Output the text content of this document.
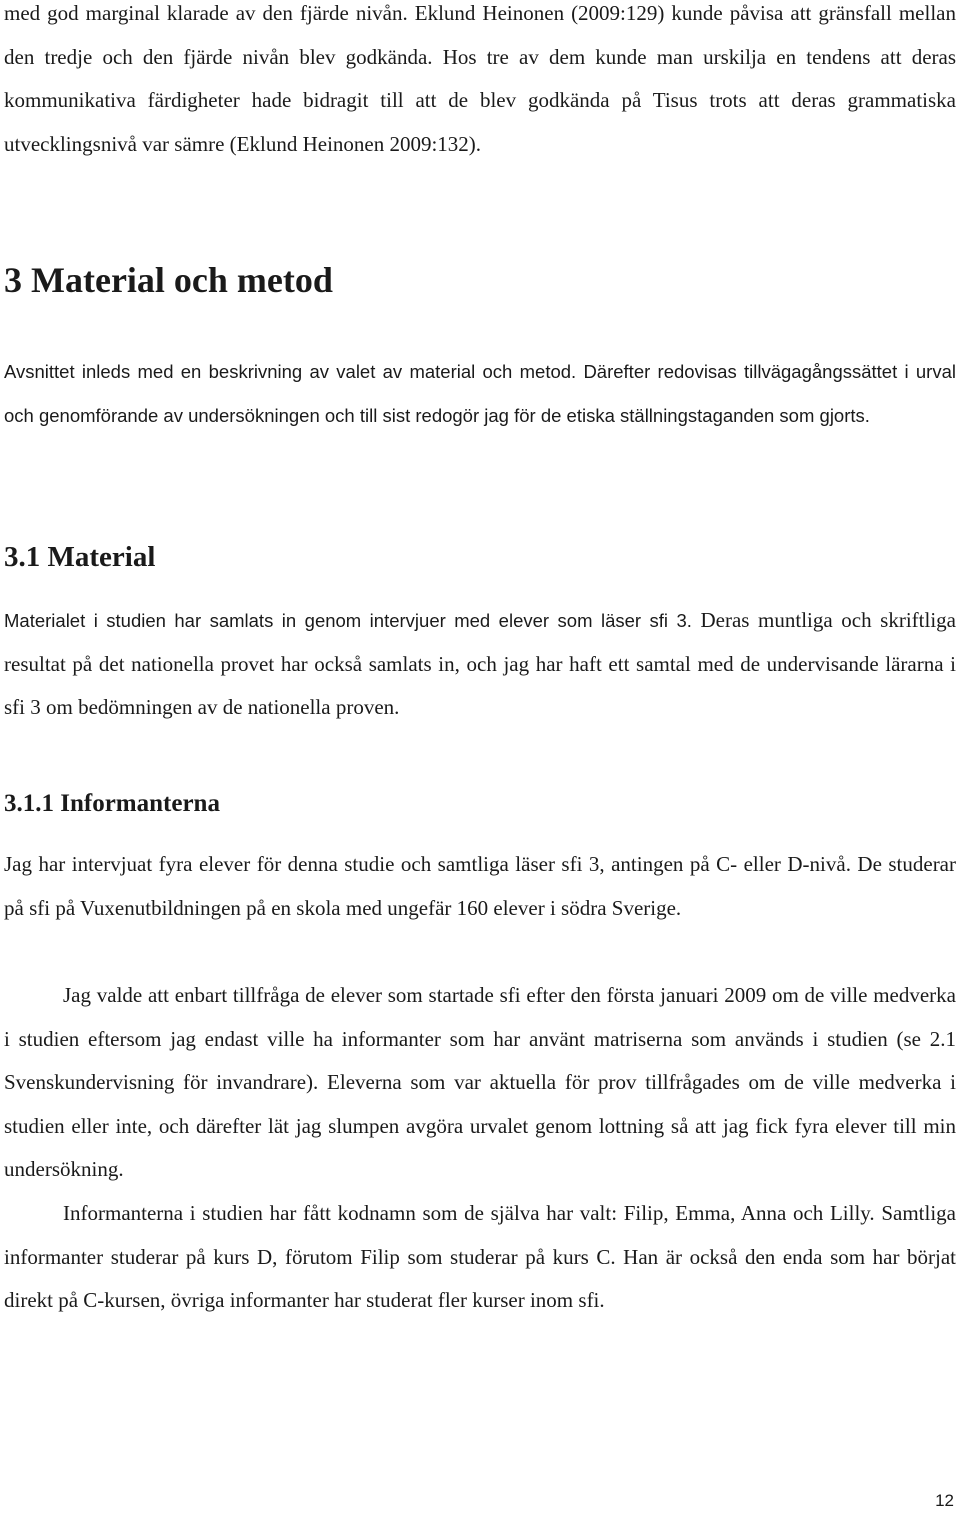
med god marginal klarade av den fjärde nivån. Eklund Heinonen (2009:129) kunde påvisa att gränsfall mellan den tredje och den fjärde nivån blev godkända. Hos tre av dem kunde man urskilja en tendens att deras kommunikativa färdigheter hade bidragit till att de blev godkända på Tisus trots att deras grammatiska utvecklingsnivå var sämre (Eklund Heinonen 2009:132).

3 Material och metod

Avsnittet inleds med en beskrivning av valet av material och metod. Därefter redovisas tillvägagångssättet i urval och genomförande av undersökningen och till sist redogör jag för de etiska ställningstaganden som gjorts.

3.1 Material

Materialet i studien har samlats in genom intervjuer med elever som läser sfi 3. Deras muntliga och skriftliga resultat på det nationella provet har också samlats in, och jag har haft ett samtal med de undervisande lärarna i sfi 3 om bedömningen av de nationella proven.

3.1.1 Informanterna

Jag har intervjuat fyra elever för denna studie och samtliga läser sfi 3, antingen på C- eller D-nivå. De studerar på sfi på Vuxenutbildningen på en skola med ungefär 160 elever i södra Sverige.

Jag valde att enbart tillfråga de elever som startade sfi efter den första januari 2009 om de ville medverka i studien eftersom jag endast ville ha informanter som har använt matriserna som används i studien (se 2.1 Svenskundervisning för invandrare). Eleverna som var aktuella för prov tillfrågades om de ville medverka i studien eller inte, och därefter lät jag slumpen avgöra urvalet genom lottning så att jag fick fyra elever till min undersökning.

Informanterna i studien har fått kodnamn som de själva har valt: Filip, Emma, Anna och Lilly. Samtliga informanter studerar på kurs D, förutom Filip som studerar på kurs C. Han är också den enda som har börjat direkt på C-kursen, övriga informanter har studerat fler kurser inom sfi.

12
